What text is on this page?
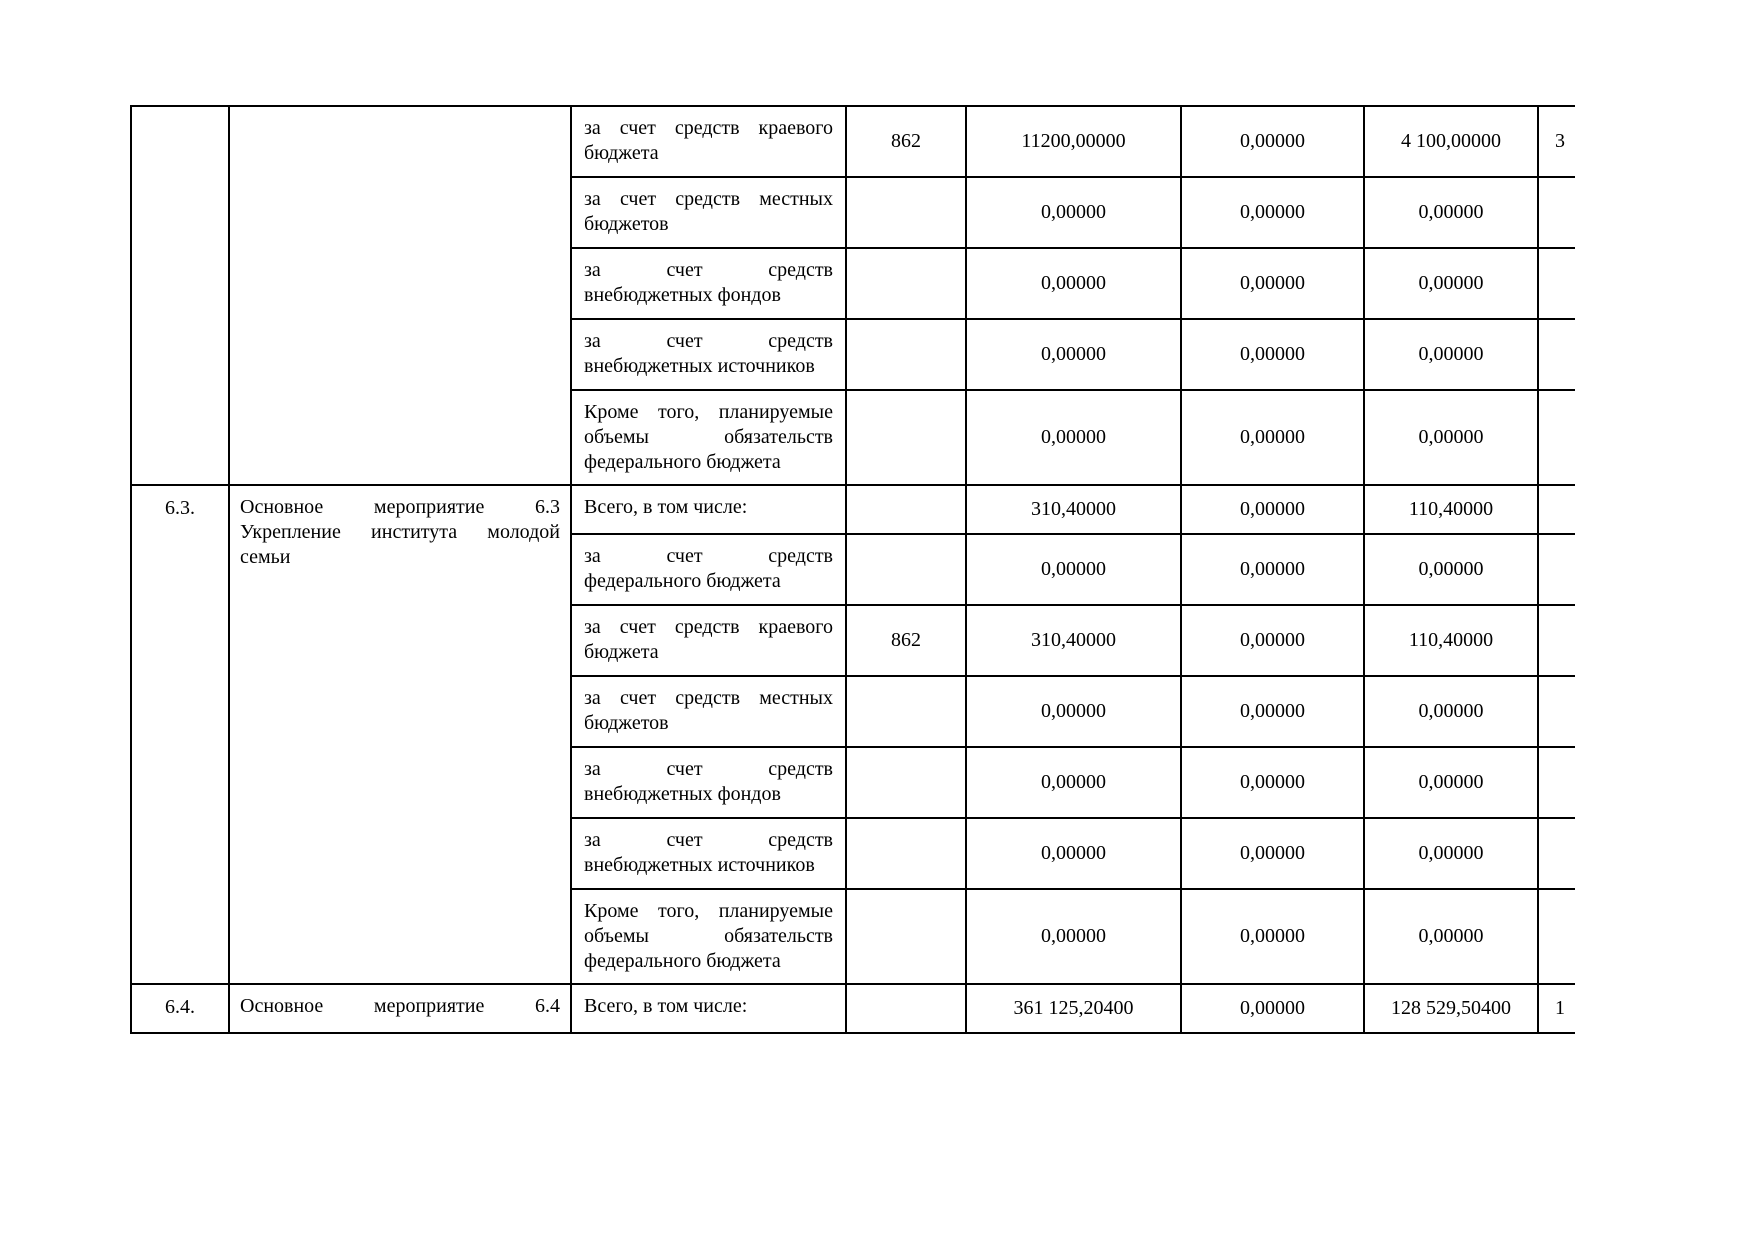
		за счет средств краевого бюджета	862	11200,00000	0,00000	4 100,00000	3
		за счет средств местных бюджетов		0,00000	0,00000	0,00000	
		за счет средств внебюджетных фондов		0,00000	0,00000	0,00000	
		за счет средств внебюджетных источников		0,00000	0,00000	0,00000	
		Кроме того, планируемые объемы обязательств федерального бюджета		0,00000	0,00000	0,00000	
6.3.	Основное мероприятие 6.3 Укрепление института молодой семьи	Всего, в том числе:		310,40000	0,00000	110,40000	
		за счет средств федерального бюджета		0,00000	0,00000	0,00000	
		за счет средств краевого бюджета	862	310,40000	0,00000	110,40000	
		за счет средств местных бюджетов		0,00000	0,00000	0,00000	
		за счет средств внебюджетных фондов		0,00000	0,00000	0,00000	
		за счет средств внебюджетных источников		0,00000	0,00000	0,00000	
		Кроме того, планируемые объемы обязательств федерального бюджета		0,00000	0,00000	0,00000	
6.4.	Основное мероприятие 6.4	Всего, в том числе:		361 125,20400	0,00000	128 529,50400	1
